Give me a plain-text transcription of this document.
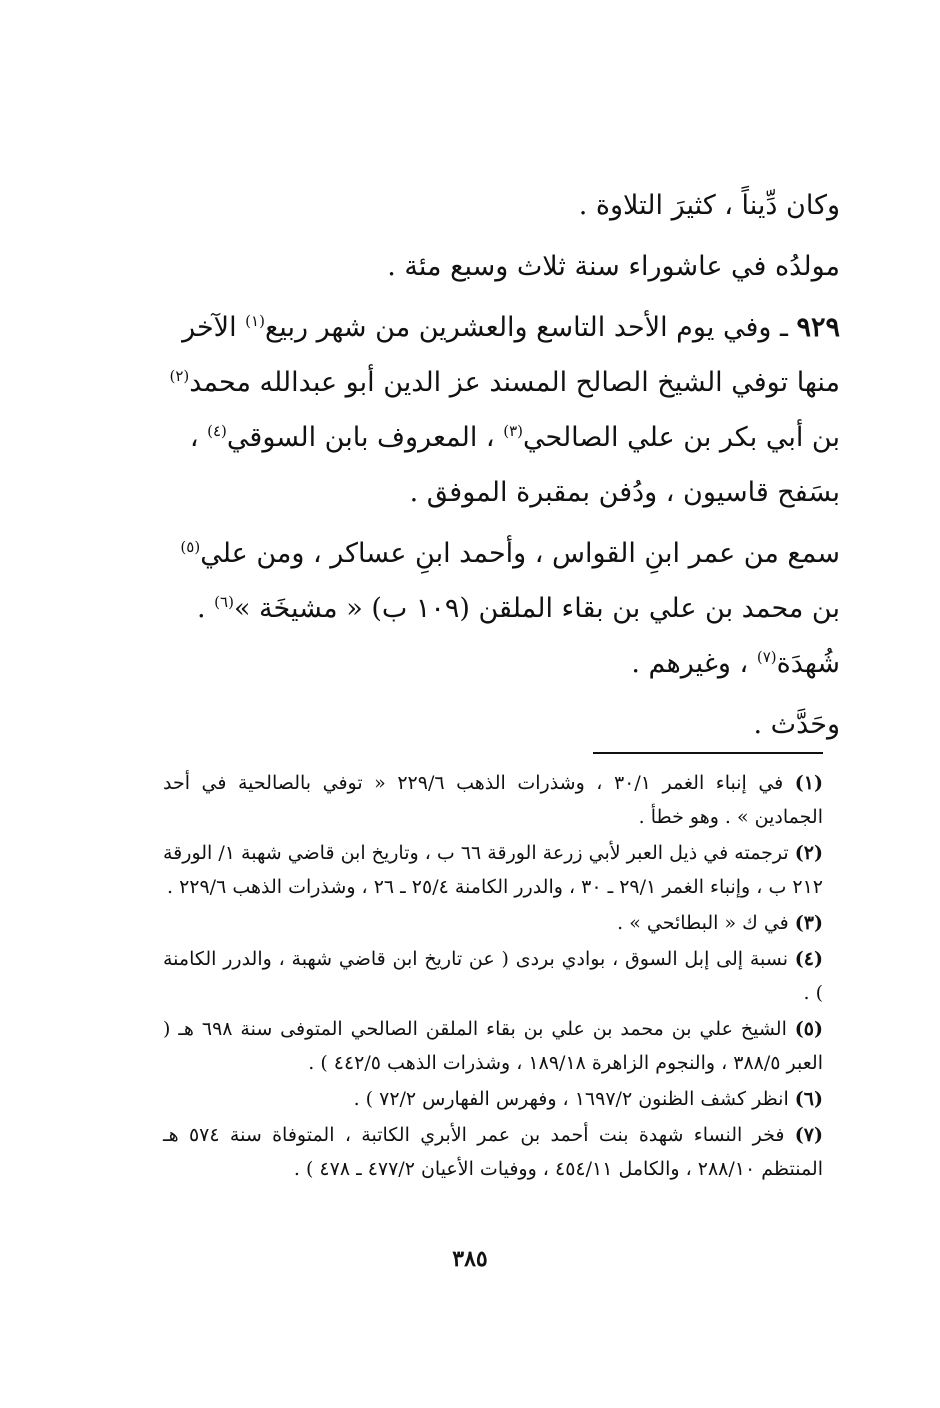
وكان دِّيناً ، كثيرَ التلاوة .

مولدُه في عاشوراء سنة ثلاث وسبع مئة .

٩٢٩ ـ وفي يوم الأحد التاسع والعشرين من شهر ربيع$^{(١)}$ الآخر منها توفي الشيخ الصالح المسند عز الدين أبو عبدالله محمد$^{(٢)}$ بن أبي بكر بن علي الصالحي$^{(٣)}$ ، المعروف بابن السوقي$^{(٤)}$ ، بسَفح قاسيون ، ودُفن بمقبرة الموفق .

سمع من عمر ابنِ القواس ، وأحمد ابنِ عساكر ، ومن علي$^{(٥)}$ بن محمد بن علي بن بقاء الملقن (١٠٩ ب) « مشيخَة »$^{(٦)}$ . شُهدَة$^{(٧)}$ ، وغيرهم .

وحَدَّث .

(١) في إنباء الغمر ٣٠/١ ، وشذرات الذهب ٢٢٩/٦ « توفي بالصالحية في أحد الجمادين » . وهو خطأ .

(٢) ترجمته في ذيل العبر لأبي زرعة الورقة ٦٦ ب ، وتاريخ ابن قاضي شهبة ١/ الورقة ٢١٢ ب ، وإنباء الغمر ٢٩/١ ـ ٣٠ ، والدرر الكامنة ٢٥/٤ ـ ٢٦ ، وشذرات الذهب ٢٢٩/٦ .

(٣) في ك « البطائحي » .

(٤) نسبة إلى إبل السوق ، بوادي بردى ( عن تاريخ ابن قاضي شهبة ، والدرر الكامنة ) .

(٥) الشيخ علي بن محمد بن علي بن بقاء الملقن الصالحي المتوفى سنة ٦٩٨ هـ ( العبر ٣٨٨/٥ ، والنجوم الزاهرة ١٨٩/١٨ ، وشذرات الذهب ٤٤٢/٥ ) .

(٦) انظر كشف الظنون ١٦٩٧/٢ ، وفهرس الفهارس ٧٢/٢ ) .

(٧) فخر النساء شهدة بنت أحمد بن عمر الأبري الكاتبة ، المتوفاة سنة ٥٧٤ هـ المنتظم ٢٨٨/١٠ ، والكامل ٤٥٤/١١ ، ووفيات الأعيان ٤٧٧/٢ ـ ٤٧٨ ) .

٣٨٥
